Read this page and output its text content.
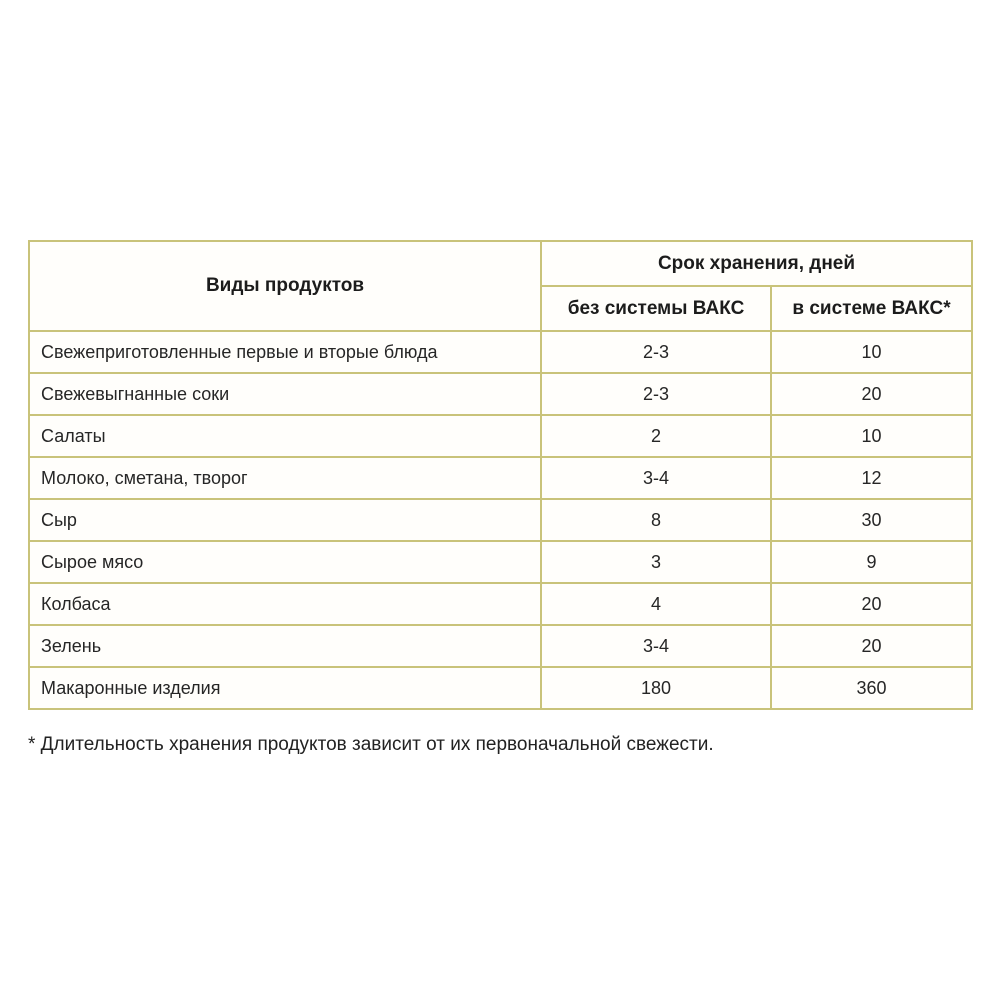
Виды продуктов	Срок хранения, дней	
	без системы ВАКС	в системе ВАКС*
Свежеприготовленные первые и вторые блюда	2-3	10
Свежевыгнанные соки	2-3	20
Салаты	2	10
Молоко, сметана, творог	3-4	12
Сыр	8	30
Сырое мясо	3	9
Колбаса	4	20
Зелень	3-4	20
Макаронные изделия	180	360
* Длительность хранения продуктов зависит от их первоначальной свежести.
